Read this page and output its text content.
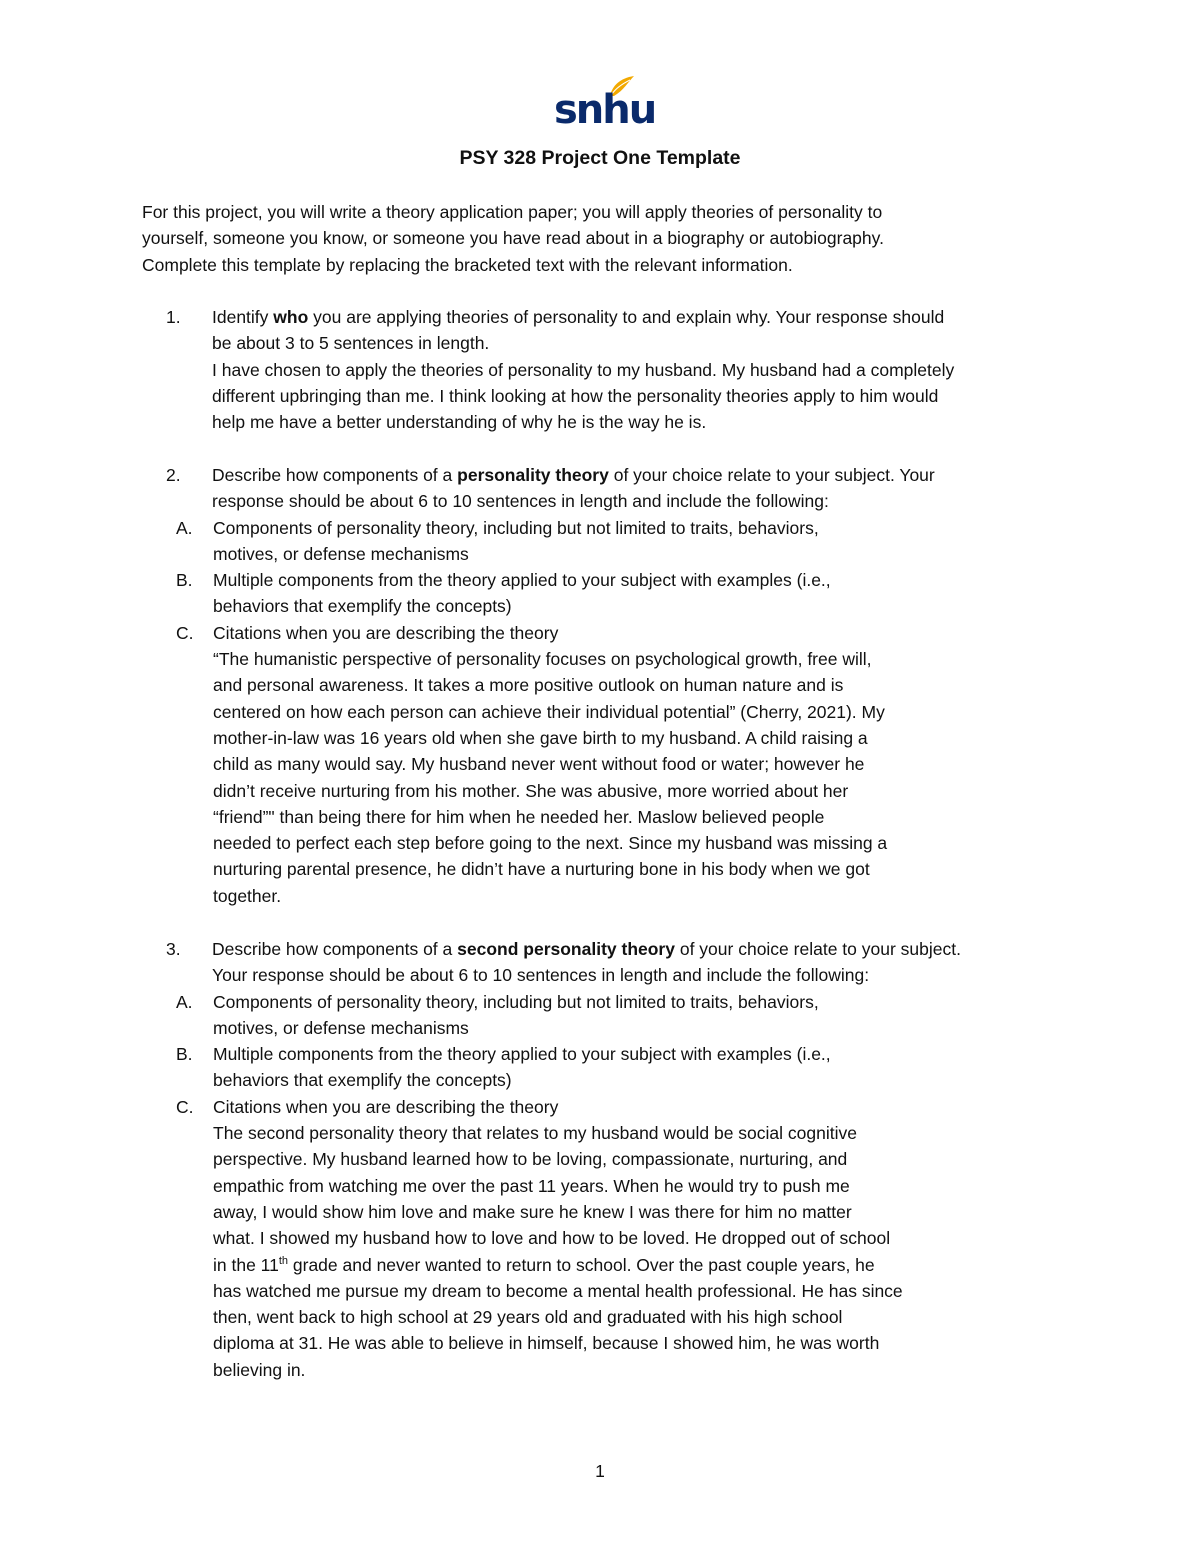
snhu
PSY 328 Project One Template

For this project, you will write a theory application paper; you will apply theories of personality to

yourself, someone you know, or someone you have read about in a biography or autobiography.

Complete this template by replacing the bracketed text with the relevant information.

1. Identify who you are applying theories of personality to and explain why. Your response should

be about 3 to 5 sentences in length.

I have chosen to apply the theories of personality to my husband. My husband had a completely

different upbringing than me. I think looking at how the personality theories apply to him would

help me have a better understanding of why he is the way he is.

2. Describe how components of a personality theory of your choice relate to your subject. Your

response should be about 6 to 10 sentences in length and include the following:

A. Components of personality theory, including but not limited to traits, behaviors,
motives, or defense mechanisms
B. Multiple components from the theory applied to your subject with examples (i.e.,
behaviors that exemplify the concepts)
C. Citations when you are describing the theory
“The humanistic perspective of personality focuses on psychological growth, free will,
and personal awareness. It takes a more positive outlook on human nature and is
centered on how each person can achieve their individual potential” (Cherry, 2021). My
mother-in-law was 16 years old when she gave birth to my husband. A child raising a
child as many would say. My husband never went without food or water; however he
didn’t receive nurturing from his mother. She was abusive, more worried about her
“friend”" than being there for him when he needed her. Maslow believed people
needed to perfect each step before going to the next. Since my husband was missing a
nurturing parental presence, he didn’t have a nurturing bone in his body when we got
together.
3. Describe how components of a second personality theory of your choice relate to your subject.

Your response should be about 6 to 10 sentences in length and include the following:

A. Components of personality theory, including but not limited to traits, behaviors,
motives, or defense mechanisms
B. Multiple components from the theory applied to your subject with examples (i.e.,
behaviors that exemplify the concepts)
C. Citations when you are describing the theory
The second personality theory that relates to my husband would be social cognitive
perspective. My husband learned how to be loving, compassionate, nurturing, and
empathic from watching me over the past 11 years. When he would try to push me
away, I would show him love and make sure he knew I was there for him no matter
what. I showed my husband how to love and how to be loved. He dropped out of school
in the 11th grade and never wanted to return to school. Over the past couple years, he
has watched me pursue my dream to become a mental health professional. He has since
then, went back to high school at 29 years old and graduated with his high school
diploma at 31. He was able to believe in himself, because I showed him, he was worth
believing in.
1
